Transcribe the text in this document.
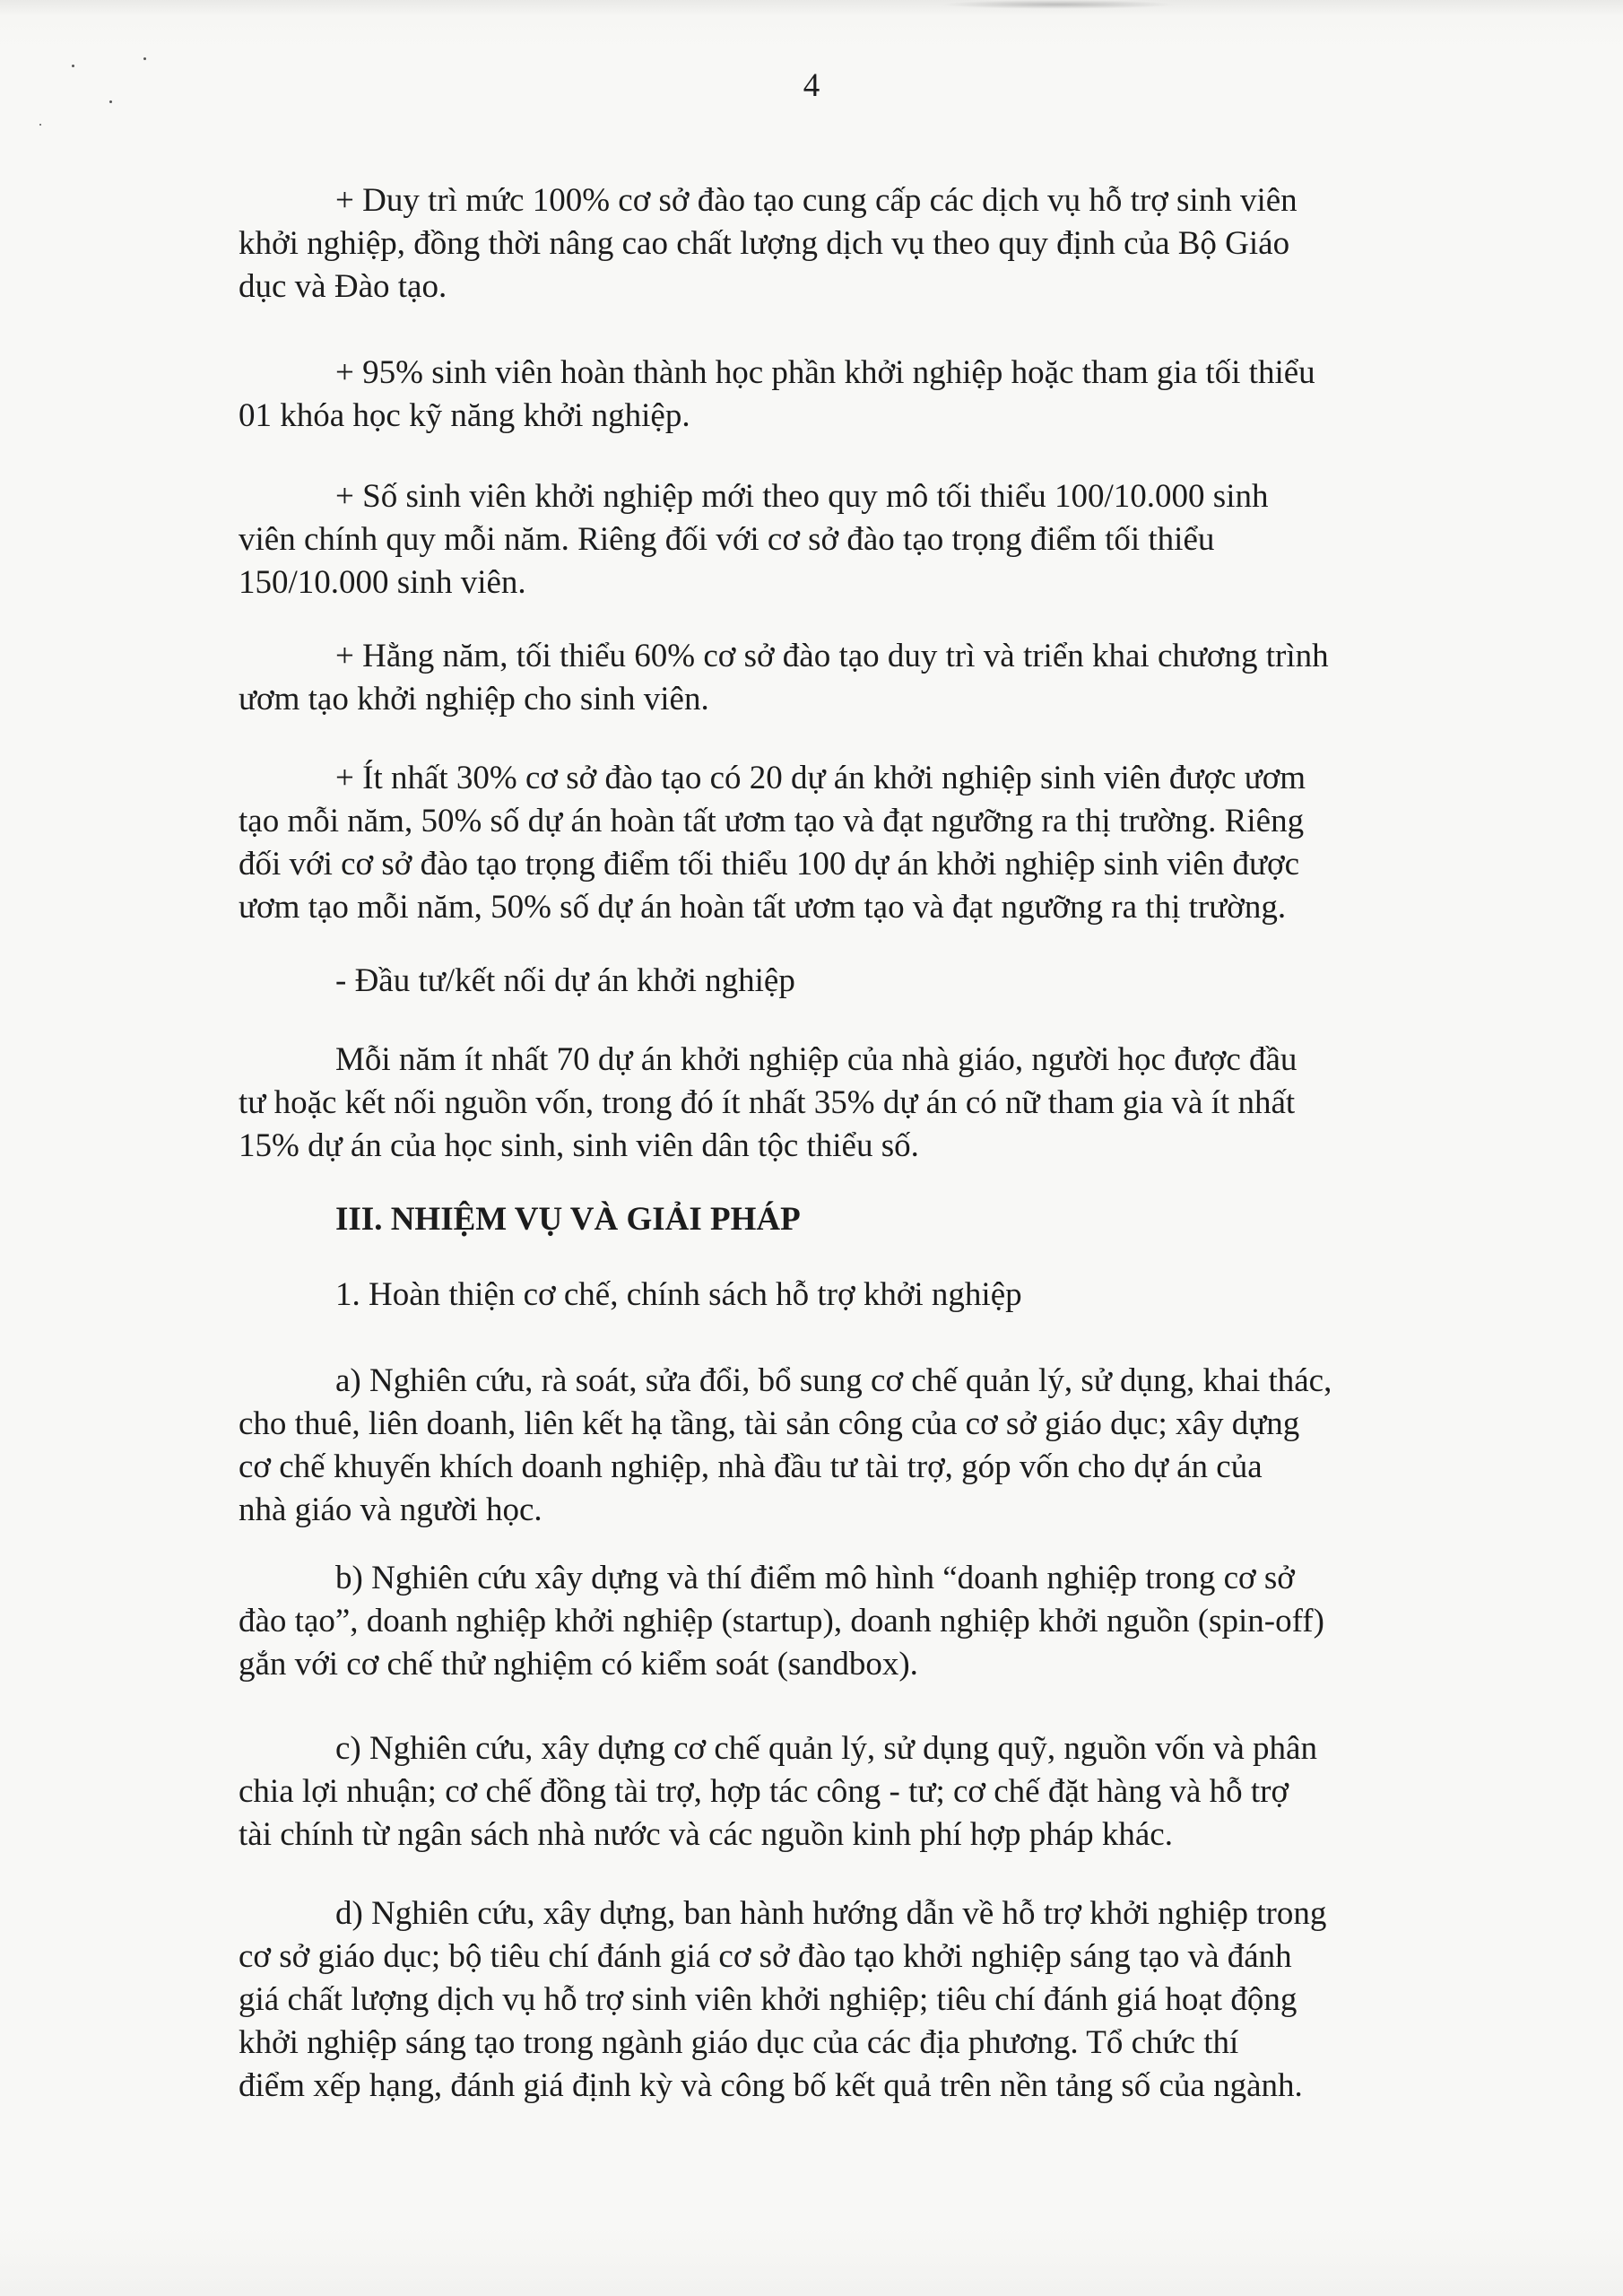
4
+ Duy trì mức 100% cơ sở đào tạo cung cấp các dịch vụ hỗ trợ sinh viên
khởi nghiệp, đồng thời nâng cao chất lượng dịch vụ theo quy định của Bộ Giáo
dục và Đào tạo.
+ 95% sinh viên hoàn thành học phần khởi nghiệp hoặc tham gia tối thiểu
01 khóa học kỹ năng khởi nghiệp.
+ Số sinh viên khởi nghiệp mới theo quy mô tối thiểu 100/10.000 sinh
viên chính quy mỗi năm. Riêng đối với cơ sở đào tạo trọng điểm tối thiểu
150/10.000 sinh viên.
+ Hằng năm, tối thiểu 60% cơ sở đào tạo duy trì và triển khai chương trình
ươm tạo khởi nghiệp cho sinh viên.
+ Ít nhất 30% cơ sở đào tạo có 20 dự án khởi nghiệp sinh viên được ươm
tạo mỗi năm, 50% số dự án hoàn tất ươm tạo và đạt ngưỡng ra thị trường. Riêng
đối với cơ sở đào tạo trọng điểm tối thiểu 100 dự án khởi nghiệp sinh viên được
ươm tạo mỗi năm, 50% số dự án hoàn tất ươm tạo và đạt ngưỡng ra thị trường.
- Đầu tư/kết nối dự án khởi nghiệp
Mỗi năm ít nhất 70 dự án khởi nghiệp của nhà giáo, người học được đầu
tư hoặc kết nối nguồn vốn, trong đó ít nhất 35% dự án có nữ tham gia và ít nhất
15% dự án của học sinh, sinh viên dân tộc thiểu số.
III. NHIỆM VỤ VÀ GIẢI PHÁP
1. Hoàn thiện cơ chế, chính sách hỗ trợ khởi nghiệp
a) Nghiên cứu, rà soát, sửa đổi, bổ sung cơ chế quản lý, sử dụng, khai thác,
cho thuê, liên doanh, liên kết hạ tầng, tài sản công của cơ sở giáo dục; xây dựng
cơ chế khuyến khích doanh nghiệp, nhà đầu tư tài trợ, góp vốn cho dự án của
nhà giáo và người học.
b) Nghiên cứu xây dựng và thí điểm mô hình “doanh nghiệp trong cơ sở
đào tạo”, doanh nghiệp khởi nghiệp (startup), doanh nghiệp khởi nguồn (spin-off)
gắn với cơ chế thử nghiệm có kiểm soát (sandbox).
c) Nghiên cứu, xây dựng cơ chế quản lý, sử dụng quỹ, nguồn vốn và phân
chia lợi nhuận; cơ chế đồng tài trợ, hợp tác công - tư; cơ chế đặt hàng và hỗ trợ
tài chính từ ngân sách nhà nước và các nguồn kinh phí hợp pháp khác.
d) Nghiên cứu, xây dựng, ban hành hướng dẫn về hỗ trợ khởi nghiệp trong
cơ sở giáo dục; bộ tiêu chí đánh giá cơ sở đào tạo khởi nghiệp sáng tạo và đánh
giá chất lượng dịch vụ hỗ trợ sinh viên khởi nghiệp; tiêu chí đánh giá hoạt động
khởi nghiệp sáng tạo trong ngành giáo dục của các địa phương. Tổ chức thí
điểm xếp hạng, đánh giá định kỳ và công bố kết quả trên nền tảng số của ngành.
